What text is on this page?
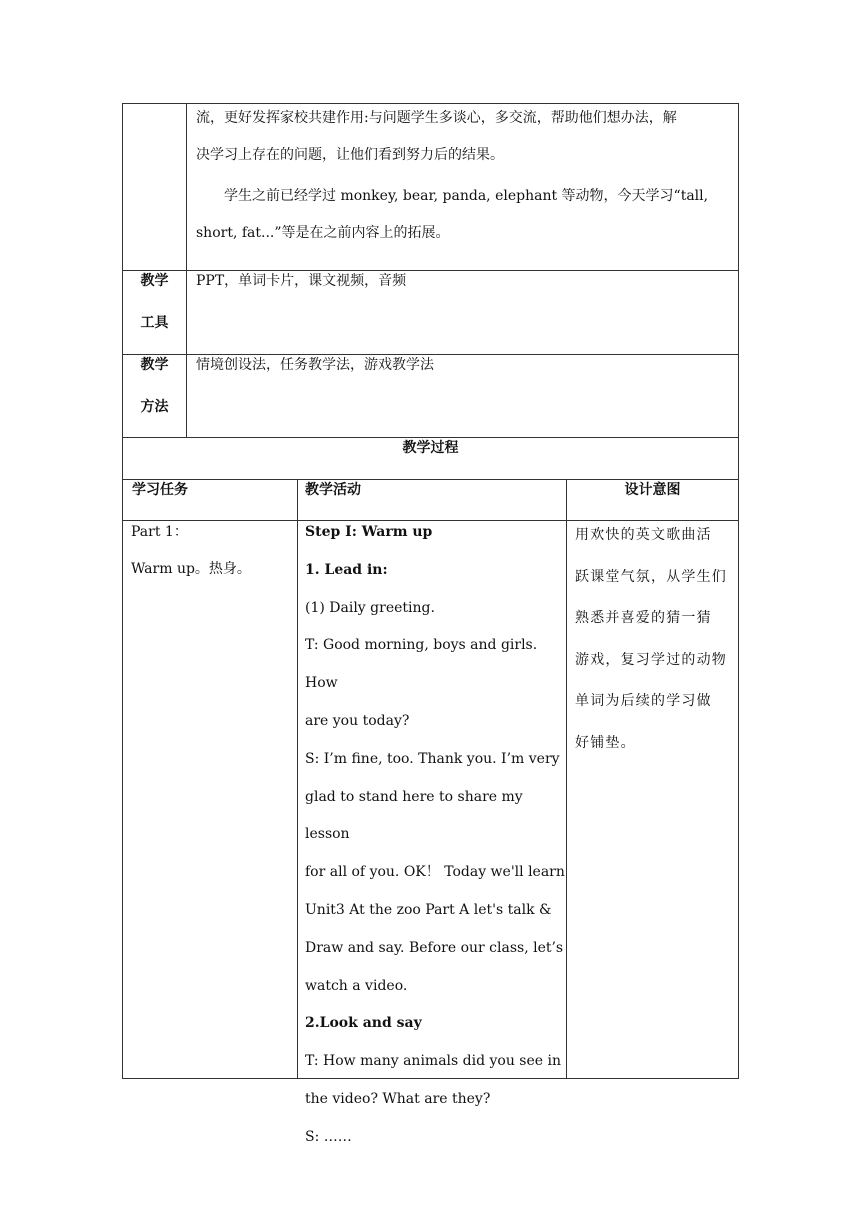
流，更好发挥家校共建作用:与问题学生多谈心，多交流，帮助他们想办法，解

决学习上存在的问题，让他们看到努力后的结果。

学生之前已经学过 monkey, bear, panda, elephant 等动物，今天学习“tall,

short, fat...”等是在之前内容上的拓展。

教学
工具
PPT，单词卡片，课文视频，音频
教学
方法
情境创设法，任务教学法，游戏教学法
教学过程
学习任务	教学活动	设计意图
Part 1：
Warm up。热身。
Step I: Warm up
1. Lead in:
(1) Daily greeting.
T: Good morning, boys and girls. How
are you today?
S: I’m fine, too. Thank you. I’m very
glad to stand here to share my lesson
for all of you. OK！ Today we'll learn
Unit3 At the zoo Part A let's talk &
Draw and say. Before our class, let’s
watch a video.
2.Look and say
T: How many animals did you see in
the video? What are they?
S: ……
用欢快的英文歌曲活
跃课堂气氛，从学生们
熟悉并喜爱的猜一猜
游戏，复习学过的动物
单词为后续的学习做
好铺垫。
